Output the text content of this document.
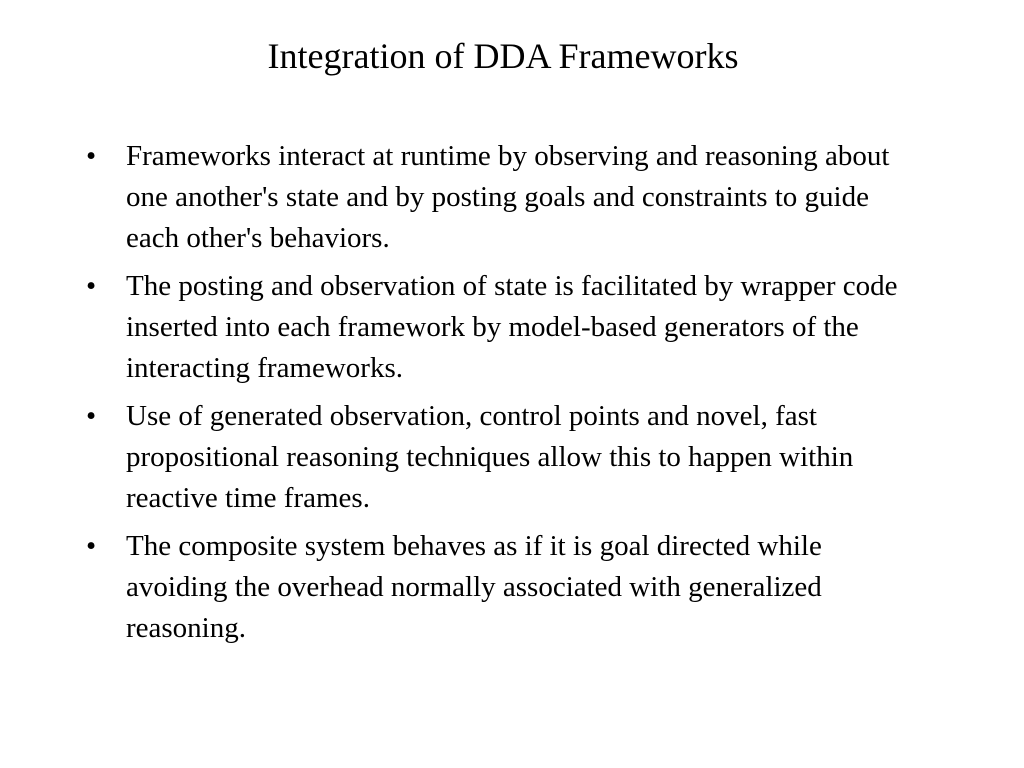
Integration of DDA Frameworks
•	Frameworks interact at runtime by observing and reasoning about one another's state and by posting goals and constraints to guide each other's behaviors.
•	The posting and observation of state is facilitated by wrapper code inserted into each framework by model-based generators of the interacting frameworks.
•	Use of generated observation, control points and novel, fast propositional reasoning techniques allow this to happen within reactive time frames.
•	The composite system behaves as if it is goal directed while avoiding the overhead normally associated with generalized reasoning.
